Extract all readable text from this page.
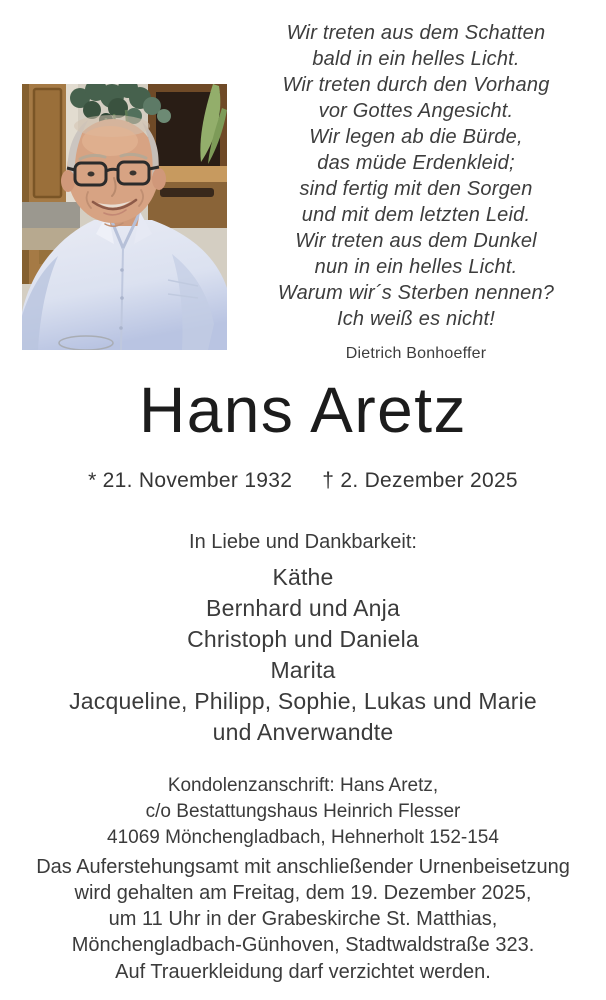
Wir treten aus dem Schatten
bald in ein helles Licht.
Wir treten durch den Vorhang
vor Gottes Angesicht.
Wir legen ab die Bürde,
das müde Erdenkleid;
sind fertig mit den Sorgen
und mit dem letzten Leid.
Wir treten aus dem Dunkel
nun in ein helles Licht.
Warum wir´s Sterben nennen?
Ich weiß es nicht!
Dietrich Bonhoeffer
Hans Aretz
* 21. November 1932 † 2. Dezember 2025
In Liebe und Dankbarkeit:
Käthe
Bernhard und Anja
Christoph und Daniela
Marita
Jacqueline, Philipp, Sophie, Lukas und Marie
und Anverwandte
Kondolenzanschrift: Hans Aretz,
c/o Bestattungshaus Heinrich Flesser
41069 Mönchengladbach, Hehnerholt 152-154
Das Auferstehungsamt mit anschließender Urnenbeisetzung
wird gehalten am Freitag, dem 19. Dezember 2025,
um 11 Uhr in der Grabeskirche St. Matthias,
Mönchengladbach-Günhoven, Stadtwaldstraße 323.
Auf Trauerkleidung darf verzichtet werden.
